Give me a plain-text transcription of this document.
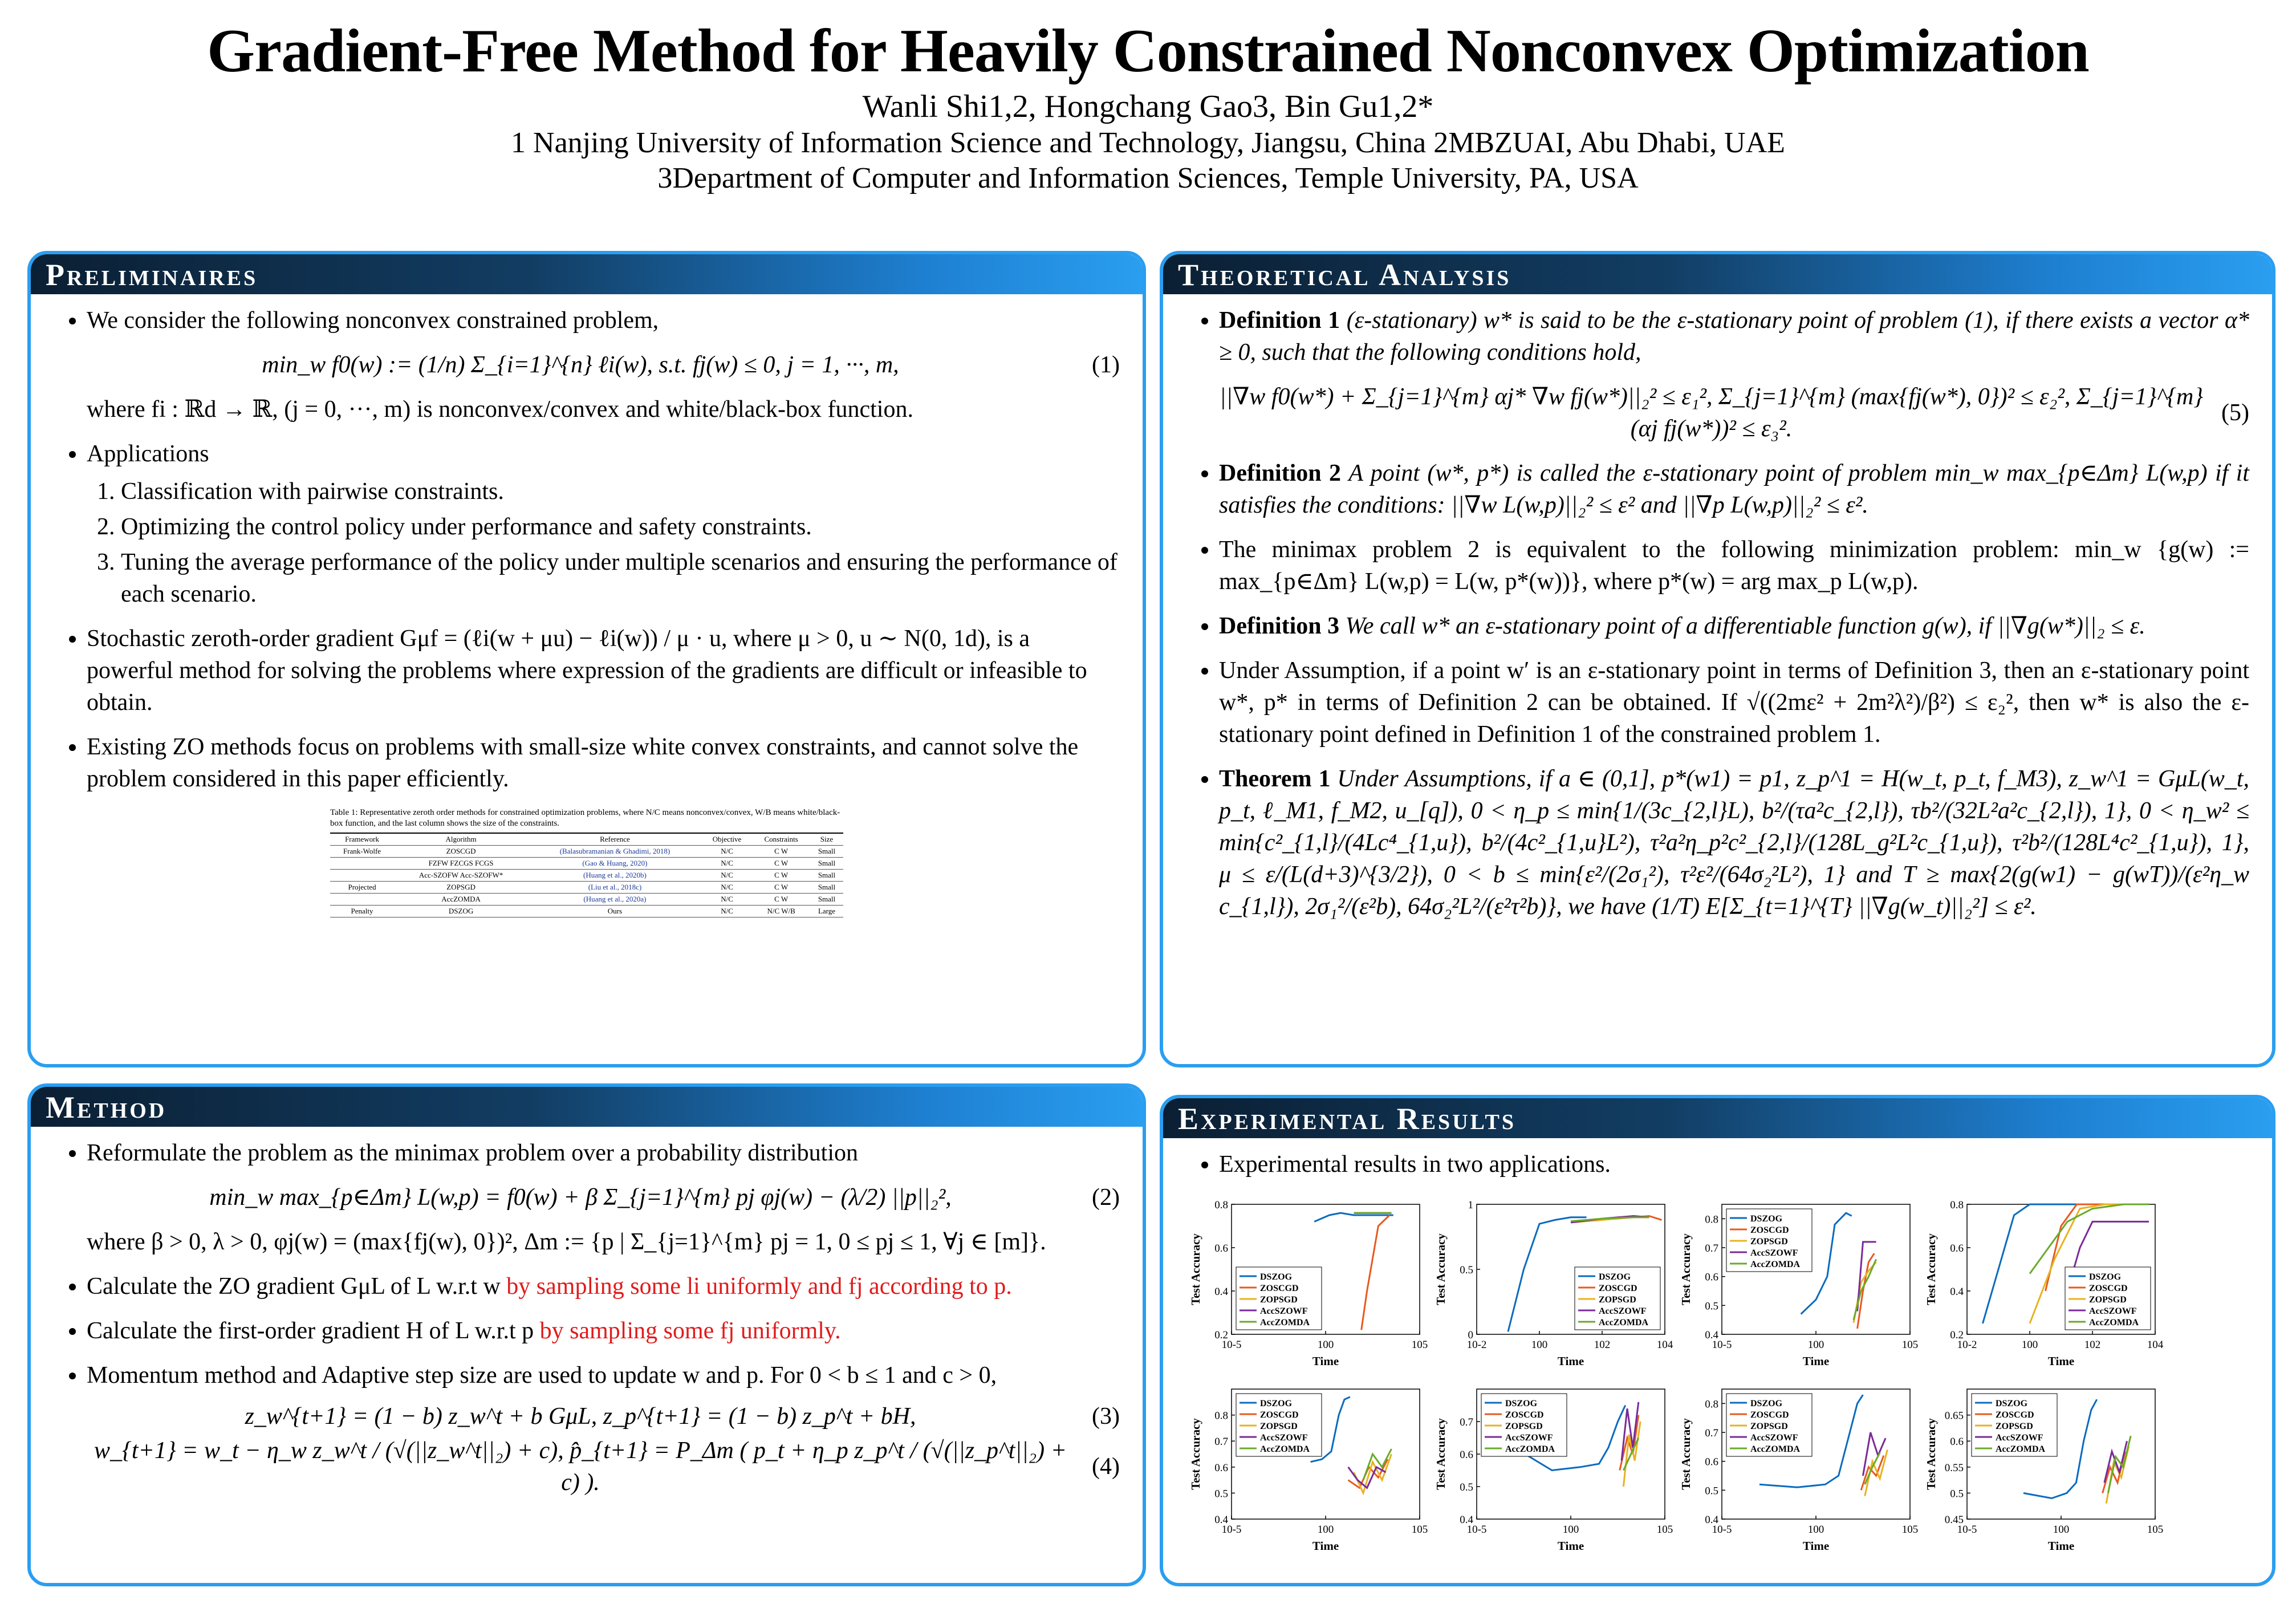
Gradient-Free Method for Heavily Constrained Nonconvex Optimization
Wanli Shi1,2, Hongchang Gao3, Bin Gu1,2*
1 Nanjing University of Information Science and Technology, Jiangsu, China 2MBZUAI, Abu Dhabi, UAE
3Department of Computer and Information Sciences, Temple University, PA, USA
Preliminaires
• We consider the following nonconvex constrained problem,
min_w f0(w) := (1/n) Σ_{i=1}^{n} ℓi(w), s.t. fj(w) ≤ 0, j = 1, ···, m,	(1)
where fi : ℝd → ℝ, (j = 0, ···, m) is nonconvex/convex and white/black-box function.
• Applications
1. Classification with pairwise constraints.
2. Optimizing the control policy under performance and safety constraints.
3. Tuning the average performance of the policy under multiple scenarios and ensuring the performance of each scenario.
• Stochastic zeroth-order gradient Gμf = (ℓi(w + μu) − ℓi(w)) / μ · u, where μ > 0, u ∼ N(0, 1d), is a powerful method for solving the problems where expression of the gradients are difficult or infeasible to obtain.
• Existing ZO methods focus on problems with small-size white convex constraints, and cannot solve the problem considered in this paper efficiently.
Table 1: Representative zeroth order methods for constrained optimization problems, where N/C means nonconvex/convex, W/B means white/black-box function, and the last column shows the size of the constraints.
Framework	Algorithm	Reference	Objective	Constraints	Size
Frank-Wolfe	ZOSCGD	(Balasubramanian & Ghadimi, 2018)	N/C	C W	Small
	FZFW FZCGS FCGS	(Gao & Huang, 2020)	N/C	C W	Small
	Acc-SZOFW Acc-SZOFW*	(Huang et al., 2020b)	N/C	C W	Small
Projected	ZOPSGD	(Liu et al., 2018c)	N/C	C W	Small
	AccZOMDA	(Huang et al., 2020a)	N/C	C W	Small
Penalty	DSZOG	Ours	N/C	N/C W/B	Large
Method
• Reformulate the problem as the minimax problem over a probability distribution
min_w max_{p∈Δm} L(w,p) = f0(w) + β Σ_{j=1}^{m} pj φj(w) − (λ/2) ||p||₂²,	(2)
where β > 0, λ > 0, φj(w) = (max{fj(w), 0})², Δm := {p | Σ_{j=1}^{m} pj = 1, 0 ≤ pj ≤ 1, ∀j ∈ [m]}.
• Calculate the ZO gradient GμL of L w.r.t w by sampling some li uniformly and fj according to p.
• Calculate the first-order gradient H of L w.r.t p by sampling some fj uniformly.
• Momentum method and Adaptive step size are used to update w and p. For 0 < b ≤ 1 and c > 0,
z_w^{t+1} = (1 − b) z_w^t + b GμL, z_p^{t+1} = (1 − b) z_p^t + bH,	(3)
w_{t+1} = w_t − η_w z_w^t / (√(||z_w^t||₂) + c), p̂_{t+1} = P_Δm ( p_t + η_p z_p^t / (√(||z_p^t||₂) + c) ).
(4)
Theoretical Analysis
• Definition 1 (ε-stationary) w* is said to be the ε-stationary point of problem (1), if there exists a vector α* ≥ 0, such that the following conditions hold,
||∇w f0(w*) + Σ_{j=1}^{m} αj* ∇w fj(w*)||₂² ≤ ε₁², Σ_{j=1}^{m} (max{fj(w*), 0})² ≤ ε₂², Σ_{j=1}^{m} (αj fj(w*))² ≤ ε₃².
(5)
• Definition 2 A point (w*, p*) is called the ε-stationary point of problem min_w max_{p∈Δm} L(w,p) if it satisfies the conditions: ||∇w L(w,p)||₂² ≤ ε² and ||∇p L(w,p)||₂² ≤ ε².
• The minimax problem 2 is equivalent to the following minimization problem: min_w {g(w) := max_{p∈Δm} L(w,p) = L(w, p*(w))}, where p*(w) = arg max_p L(w,p).
• Definition 3 We call w* an ε-stationary point of a differentiable function g(w), if ||∇g(w*)||₂ ≤ ε.
• Under Assumption, if a point w′ is an ε-stationary point in terms of Definition 3, then an ε-stationary point w*, p* in terms of Definition 2 can be obtained. If √((2mε² + 2m²λ²)/β²) ≤ ε₂², then w* is also the ε-stationary point defined in Definition 1 of the constrained problem 1.
• Theorem 1 Under Assumptions, if a ∈ (0,1], p*(w1) = p1, z_p^1 = H(w_t, p_t, f_M3), z_w^1 = GμL(w_t, p_t, ℓ_M1, f_M2, u_[q]), 0 < η_p ≤ min{1/(3c_{2,l}L), b²/(τa²c_{2,l}), τb²/(32L²a²c_{2,l}), 1}, 0 < η_w² ≤ min{c²_{1,l}/(4Lc⁴_{1,u}), b²/(4c²_{1,u}L²), τ²a²η_p²c²_{2,l}/(128L_g²L²c_{1,u}), τ²b²/(128L⁴c²_{1,u}), 1}, μ ≤ ε/(L(d+3)^{3/2}), 0 < b ≤ min{ε²/(2σ₁²), τ²ε²/(64σ₂²L²), 1} and T ≥ max{2(g(w1) − g(wT))/(ε²η_w c_{1,l}), 2σ₁²/(ε²b), 64σ₂²L²/(ε²τ²b)}, we have (1/T) E[Σ_{t=1}^{T} ||∇g(w_t)||₂²] ≤ ε².
Experimental Results
• Experimental results in two applications.
0.2
0.4
0.6
0.8
10-5	100	105
Time
Test Accuracy	DSZOG
ZOSCGD
ZOPSGD
AccSZOWF
AccZOMDA
0
0.5
1
10-2	100	102	104
Time
Test Accuracy	DSZOG
ZOSCGD
ZOPSGD
AccSZOWF
AccZOMDA
0.4
0.5
0.6
0.7
0.8
10-5	100	105
Time
Test Accuracy
DSZOG
ZOSCGD
ZOPSGD
AccSZOWF
AccZOMDA
0.2
0.4
0.6
0.8
10-2	100	102	104
Time
Test Accuracy	DSZOG
ZOSCGD
ZOPSGD
AccSZOWF
AccZOMDA
0.4
0.5
0.6
0.7
0.8
10-5	100	105
Time
Test Accuracy
DSZOG
ZOSCGD
ZOPSGD
AccSZOWF
AccZOMDA
0.4
0.5
0.6
0.7
10-5	100	105
Time
Test Accuracy
DSZOG
ZOSCGD
ZOPSGD
AccSZOWF
AccZOMDA
0.4
0.5
0.6
0.7
0.8
10-5	100	105
Time
Test Accuracy
DSZOG
ZOSCGD
ZOPSGD
AccSZOWF
AccZOMDA
0.45
0.5
0.55
0.6
0.65
10-5	100	105
Time
Test Accuracy
DSZOG
ZOSCGD
ZOPSGD
AccSZOWF
AccZOMDA
